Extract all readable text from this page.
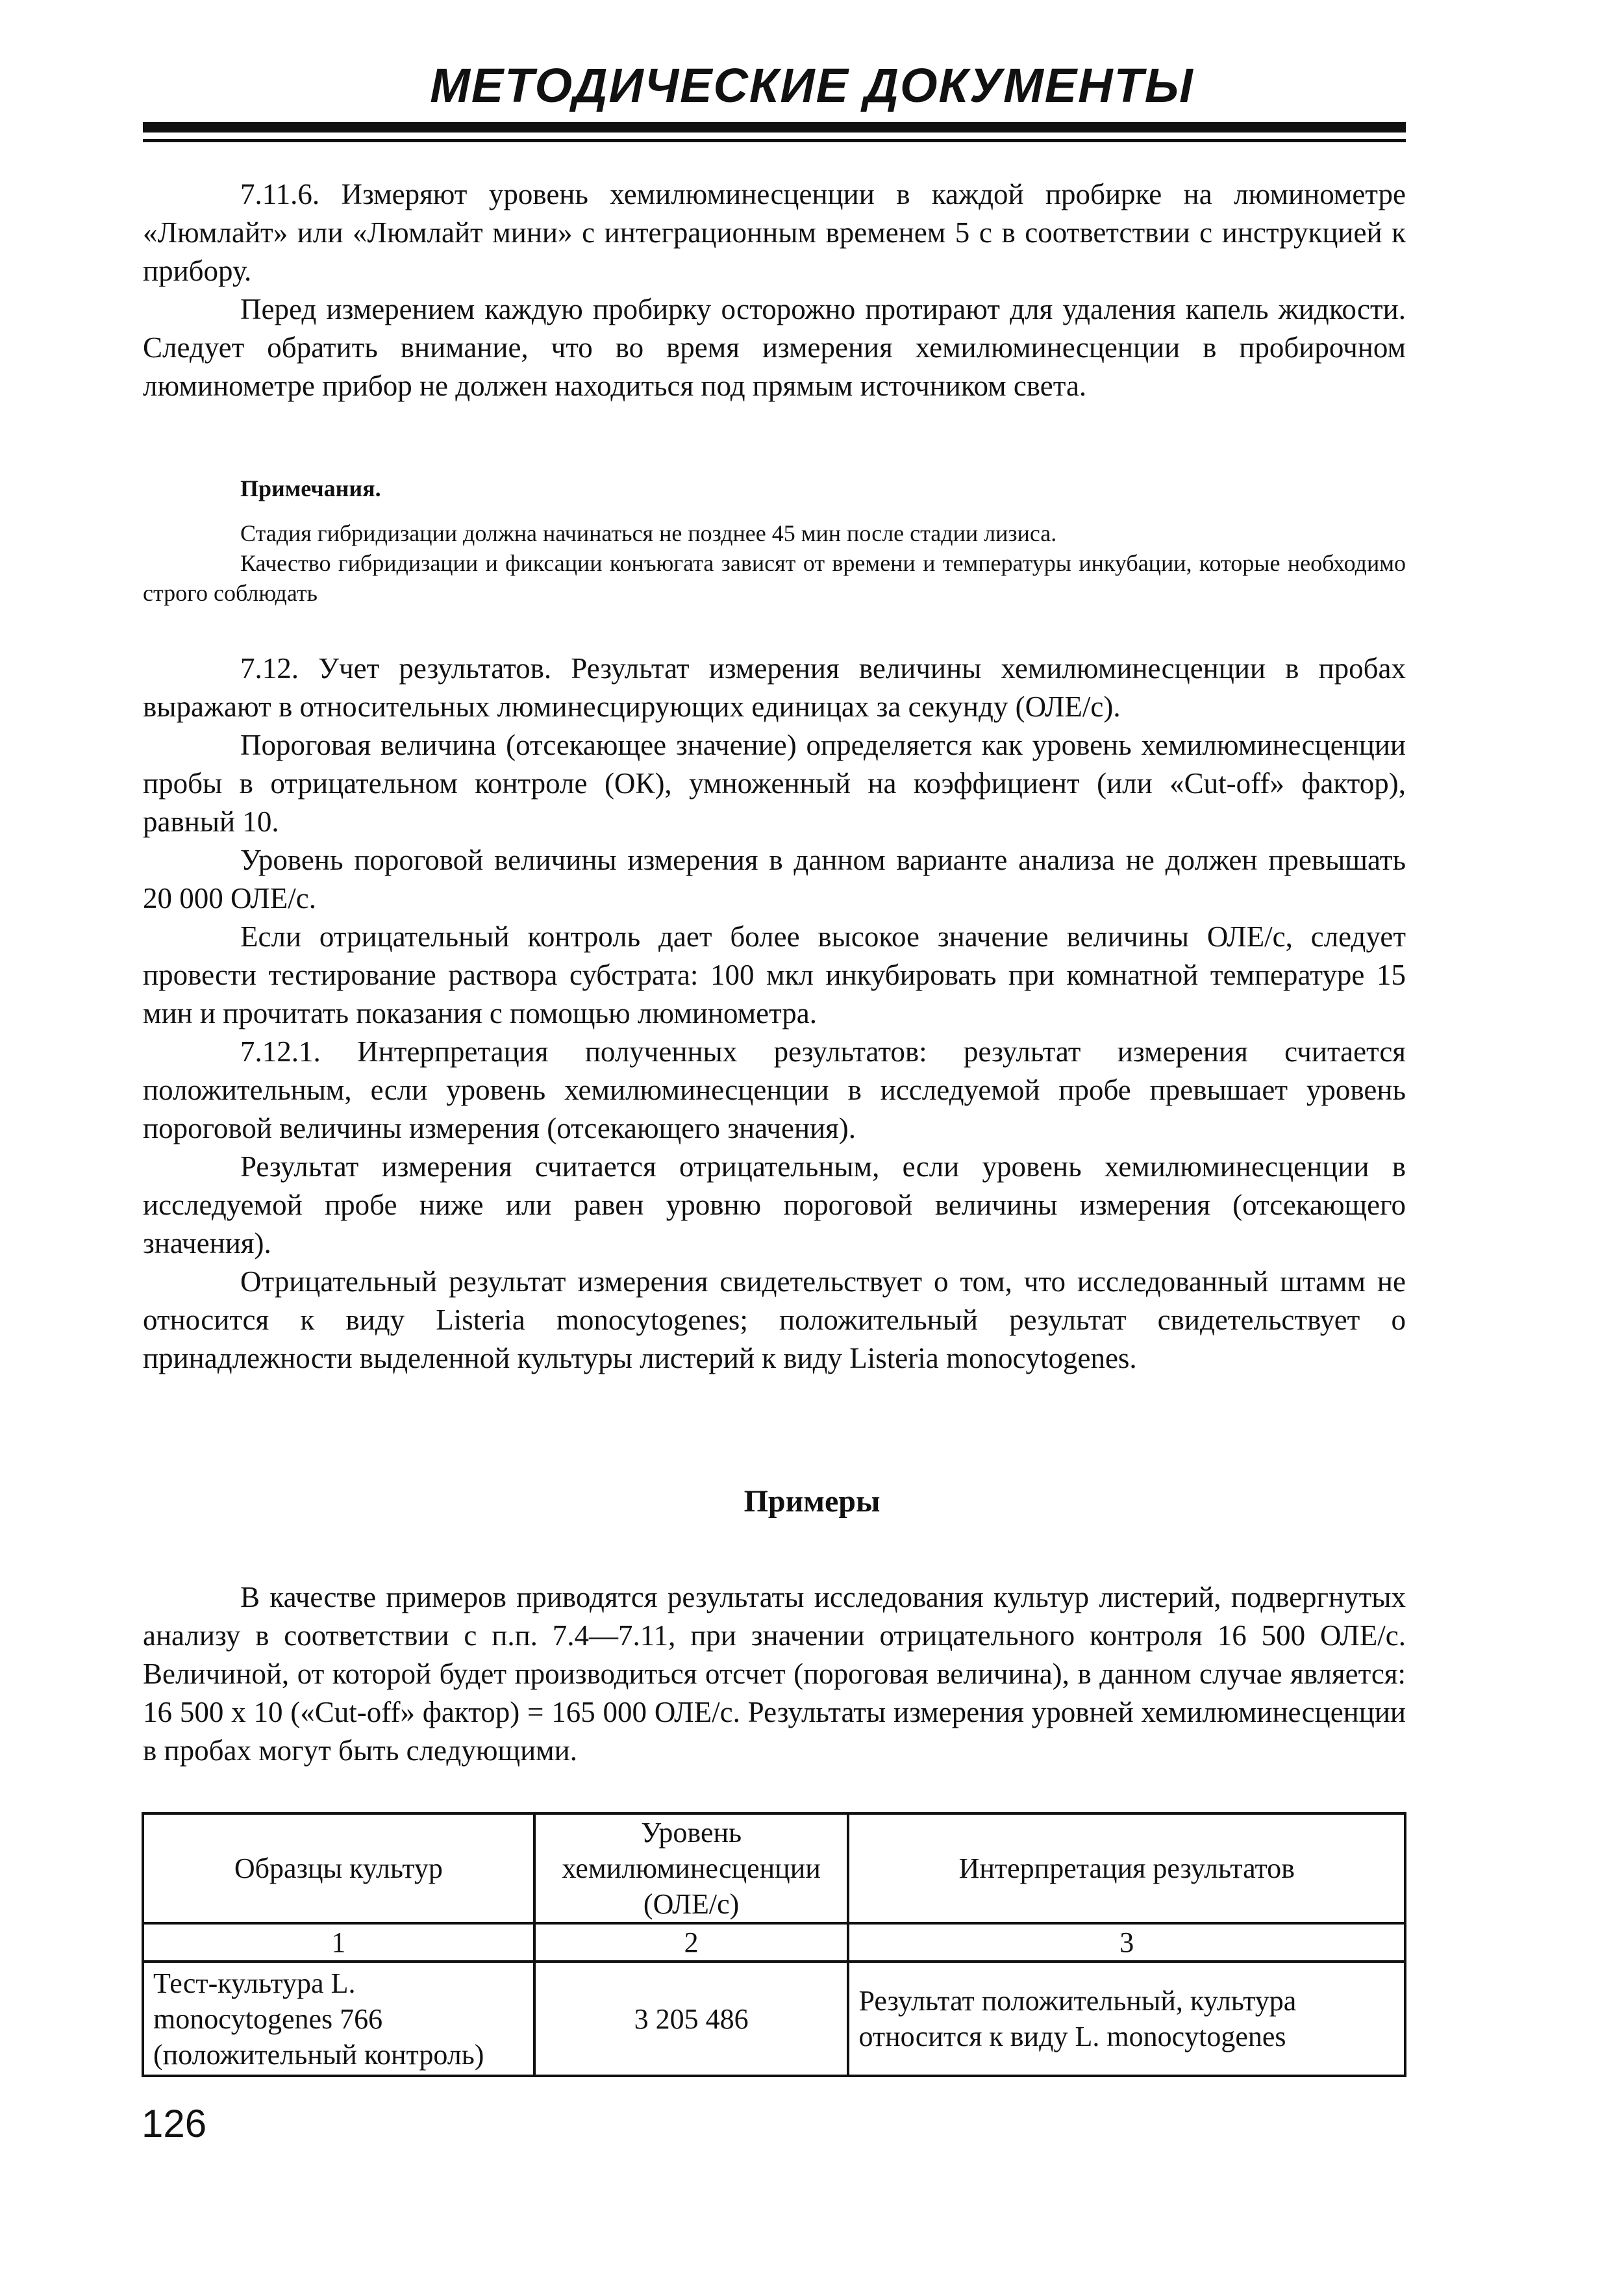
МЕТОДИЧЕСКИЕ ДОКУМЕНТЫ

7.11.6. Измеряют уровень хемилюминесценции в каждой пробирке на люминометре «Люмлайт» или «Люмлайт мини» с интеграционным временем 5 с в соответствии с инструкцией к прибору.

Перед измерением каждую пробирку осторожно протирают для удаления капель жидкости. Следует обратить внимание, что во время измерения хемилюминесценции в пробирочном люминометре прибор не должен находиться под прямым источником света.

Примечания.

Стадия гибридизации должна начинаться не позднее 45 мин после стадии лизиса.

Качество гибридизации и фиксации конъюгата зависят от времени и температуры инкубации, которые необходимо строго соблюдать

7.12. Учет результатов. Результат измерения величины хемилюминесценции в пробах выражают в относительных люминесцирующих единицах за секунду (ОЛЕ/с).

Пороговая величина (отсекающее значение) определяется как уровень хемилюминесценции пробы в отрицательном контроле (ОК), умноженный на коэффициент (или «Cut-off» фактор), равный 10.

Уровень пороговой величины измерения в данном варианте анализа не должен превышать 20 000 ОЛЕ/с.

Если отрицательный контроль дает более высокое значение величины ОЛЕ/с, следует провести тестирование раствора субстрата: 100 мкл инкубировать при комнатной температуре 15 мин и прочитать показания с помощью люминометра.

7.12.1. Интерпретация полученных результатов: результат измерения считается положительным, если уровень хемилюминесценции в исследуемой пробе превышает уровень пороговой величины измерения (отсекающего значения).

Результат измерения считается отрицательным, если уровень хемилюминесценции в исследуемой пробе ниже или равен уровню пороговой величины измерения (отсекающего значения).

Отрицательный результат измерения свидетельствует о том, что исследованный штамм не относится к виду Listeria monocytogenes; положительный результат свидетельствует о принадлежности выделенной культуры листерий к виду Listeria monocytogenes.

Примеры

В качестве примеров приводятся результаты исследования культур листерий, подвергнутых анализу в соответствии с п.п. 7.4—7.11, при значении отрицательного контроля 16 500 ОЛЕ/с. Величиной, от которой будет производиться отсчет (пороговая величина), в данном случае является: 16 500 x 10 («Cut-off» фактор) = 165 000 ОЛЕ/с. Результаты измерения уровней хемилюминесценции в пробах могут быть следующими.

Образцы культур	Уровень хемилюминесценции (ОЛЕ/с)	Интерпретация результатов
1	2	3
Тест-культура L. monocytogenes 766 (положительный контроль)	3 205 486	Результат положительный, культура относится к виду L. monocytogenes
126
